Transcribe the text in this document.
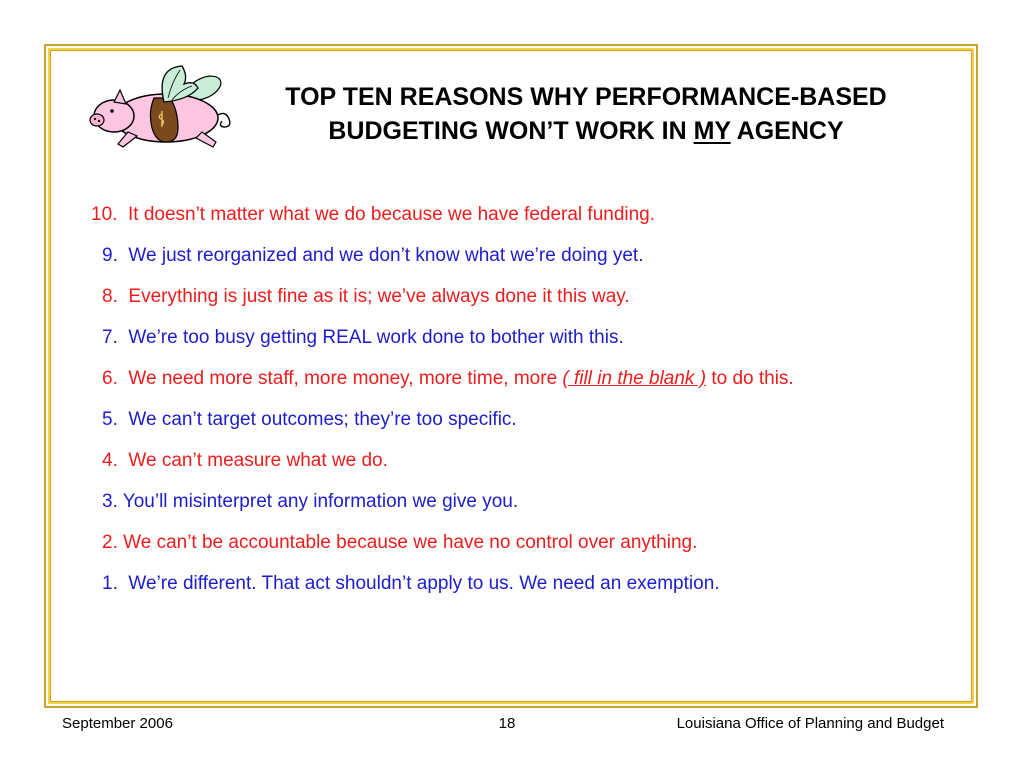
TOP TEN REASONS WHY PERFORMANCE-BASED
BUDGETING WON’T WORK IN MY AGENCY
10. It doesn’t matter what we do because we have federal funding.
9. We just reorganized and we don’t know what we’re doing yet.
8. Everything is just fine as it is; we’ve always done it this way.
7. We’re too busy getting REAL work done to bother with this.
6. We need more staff, more money, more time, more ( fill in the blank ) to do this.
5. We can’t target outcomes; they’re too specific.
4. We can’t measure what we do.
3. You’ll misinterpret any information we give you.
2. We can’t be accountable because we have no control over anything.
1. We’re different. That act shouldn’t apply to us. We need an exemption.
September 2006	18	Louisiana Office of Planning and Budget
